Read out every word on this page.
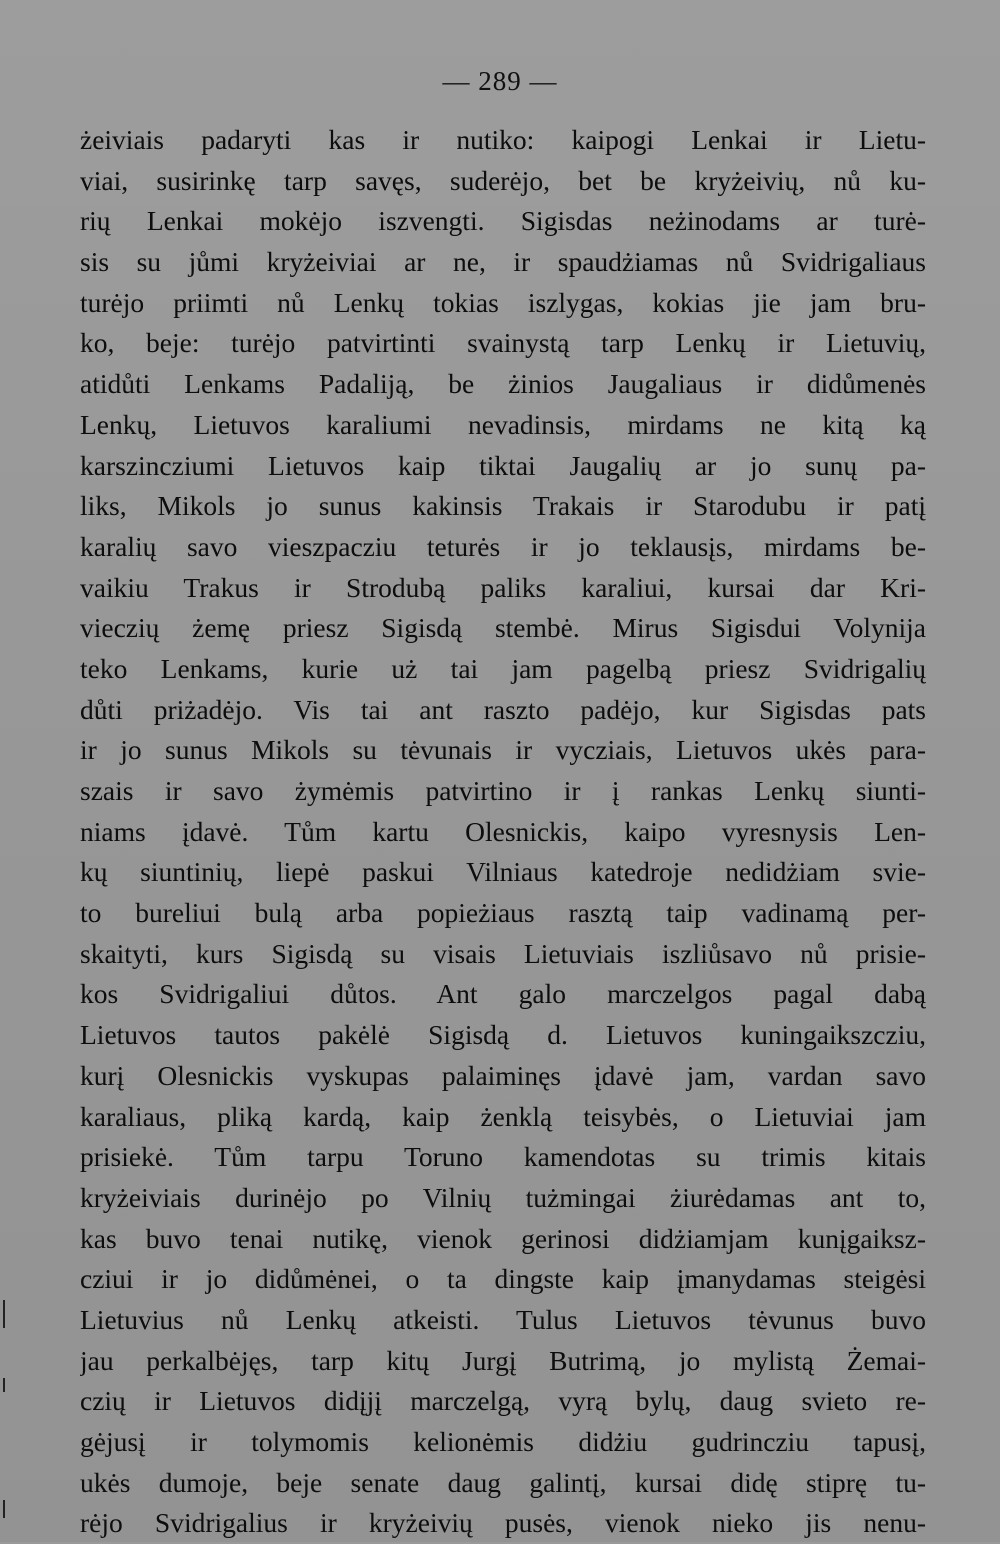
— 289 —
żeiviais padaryti kas ir nutiko: kaipogi Lenkai ir Lietu-
viai, susirinkę tarp savęs, suderėjo, bet be kryżeivių, nů ku-
rių Lenkai mokėjo iszvengti. Sigisdas neżinodams ar turė-
sis su jůmi kryżeiviai ar ne, ir spaudżiamas nů Svidrigaliaus
turėjo priimti nů Lenkų tokias iszlygas, kokias jie jam bru-
ko, beje: turėjo patvirtinti svainystą tarp Lenkų ir Lietuvių,
atidůti Lenkams Padaliją, be żinios Jaugaliaus ir didůmenės
Lenkų, Lietuvos karaliumi nevadinsis, mirdams ne kitą ką
karszincziumi Lietuvos kaip tiktai Jaugalių ar jo sunų pa-
liks, Mikols jo sunus kakinsis Trakais ir Starodubu ir patį
karalių savo vieszpacziu teturės ir jo teklausįs, mirdams be-
vaikiu Trakus ir Strodubą paliks karaliui, kursai dar Kri-
vieczių żemę priesz Sigisdą stembė. Mirus Sigisdui Volynija
teko Lenkams, kurie uż tai jam pagelbą priesz Svidrigalių
důti priżadėjo. Vis tai ant raszto padėjo, kur Sigisdas pats
ir jo sunus Mikols su tėvunais ir vycziais, Lietuvos ukės para-
szais ir savo żymėmis patvirtino ir į rankas Lenkų siunti-
niams įdavė. Tům kartu Olesnickis, kaipo vyresnysis Len-
kų siuntinių, liepė paskui Vilniaus katedroje nedidżiam svie-
to bureliui bulą arba popieżiaus rasztą taip vadinamą per-
skaityti, kurs Sigisdą su visais Lietuviais iszliůsavo nů prisie-
kos Svidrigaliui důtos. Ant galo marczelgos pagal dabą
Lietuvos tautos pakėlė Sigisdą d. Lietuvos kuningaikszcziu,
kurį Olesnickis vyskupas palaiminęs įdavė jam, vardan savo
karaliaus, pliką kardą, kaip żenklą teisybės, o Lietuviai jam
prisiekė. Tům tarpu Toruno kamendotas su trimis kitais
kryżeiviais durinėjo po Vilnių tużmingai żiurėdamas ant to,
kas buvo tenai nutikę, vienok gerinosi didżiamjam kunįgaiksz-
cziui ir jo didůmėnei, o ta dingste kaip įmanydamas steigėsi
Lietuvius nů Lenkų atkeisti. Tulus Lietuvos tėvunus buvo
jau perkalbėjęs, tarp kitų Jurgį Butrimą, jo mylistą Żemai-
czių ir Lietuvos didįjį marczelgą, vyrą bylų, daug svieto re-
gėjusį ir tolymomis kelionėmis didżiu gudrincziu tapusį,
ukės dumoje, beje senate daug galintį, kursai didę stiprę tu-
rėjo Svidrigalius ir kryżeivių pusės, vienok nieko jis nenu-
